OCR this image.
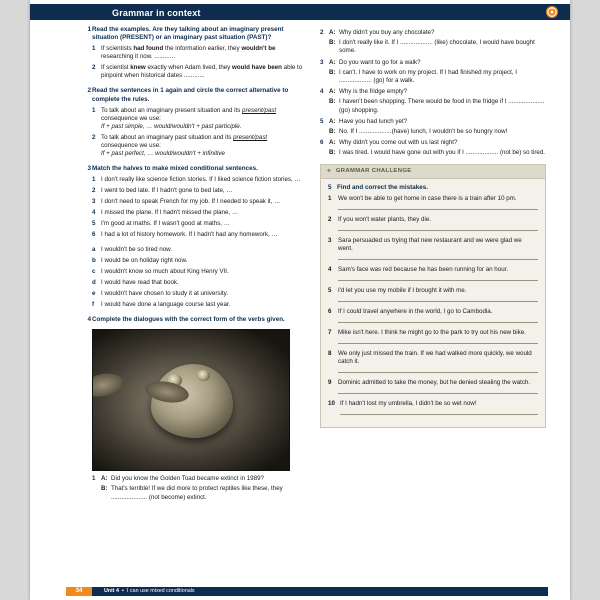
Grammar in context
1 Read the examples. Are they talking about an imaginary present situation (PRESENT) or an imaginary past situation (PAST)?
1 If scientists had found the information earlier, they wouldn't be researching it now. ............
2 If scientist knew exactly when Adam lived, they would have been able to pinpoint when historical dates ............
2 Read the sentences in 1 again and circle the correct alternative to complete the rules.
1 To talk about an imaginary present situation and its present/past consequence we use:
If + past simple, … would/wouldn't + past participle.
2 To talk about an imaginary past situation and its present/past consequence we use:
If + past perfect, … would/wouldn't + infinitive
3 Match the halves to make mixed conditional sentences.
1 I don't really like science fiction stories. If I liked science fiction stories, …
2 I went to bed late. If I hadn't gone to bed late, …
3 I don't need to speak French for my job. If I needed to speak it, …
4 I missed the plane. If I hadn't missed the plane, …
5 I'm good at maths. If I wasn't good at maths, …
6 I had a lot of history homework. If I hadn't had any homework, …
a I wouldn't be so tired now.
b I would be on holiday right now.
c I wouldn't know so much about King Henry VII.
d I would have read that book.
e I wouldn't have chosen to study it at university.
f I would have done a language course last year.
4 Complete the dialogues with the correct form of the verbs given.
1 A: Did you know the Golden Toad became extinct in 1989?
B: That's terrible! If we did more to protect reptiles like these, they ..................... (not become) extinct.
2 A: Why didn't you buy any chocolate?
B: I don't really like it. If I ................... (like) chocolate, I would have bought some.
3 A: Do you want to go for a walk?
B: I can't. I have to work on my project. If I had finished my project, I ................... (go) for a walk.
4 A: Why is the fridge empty?
B: I haven't been shopping. There would be food in the fridge if I ..................... (go) shopping.
5 A: Have you had lunch yet?
B: No. If I ...................(have) lunch, I wouldn't be so hungry now!
6 A: Why didn't you come out with us last night?
B: I was tired. I would have gone out with you if I ................... (not be) so tired.
✦ GRAMMAR CHALLENGE
5 Find and correct the mistakes.
1 We won't be able to get home in case there is a train after 10 pm.
2 If you won't water plants, they die.
3 Sara persuaded us trying that new restaurant and we were glad we went.
4 Sam's face was red because he has been running for an hour.
5 I'd let you use my mobile if I brought it with me.
6 If I could travel anywhere in the world, I go to Cambodia.
7 Mike isn't here. I think he might go to the park to try out his new bike.
8 We only just missed the train. If we had walked more quickly, we would catch it.
9 Dominic admitted to take the money, but he denied stealing the watch.
10 If I hadn't lost my umbrella, I didn't be so wet now!
34	Unit 4  ▪  I can use mixed conditionals
